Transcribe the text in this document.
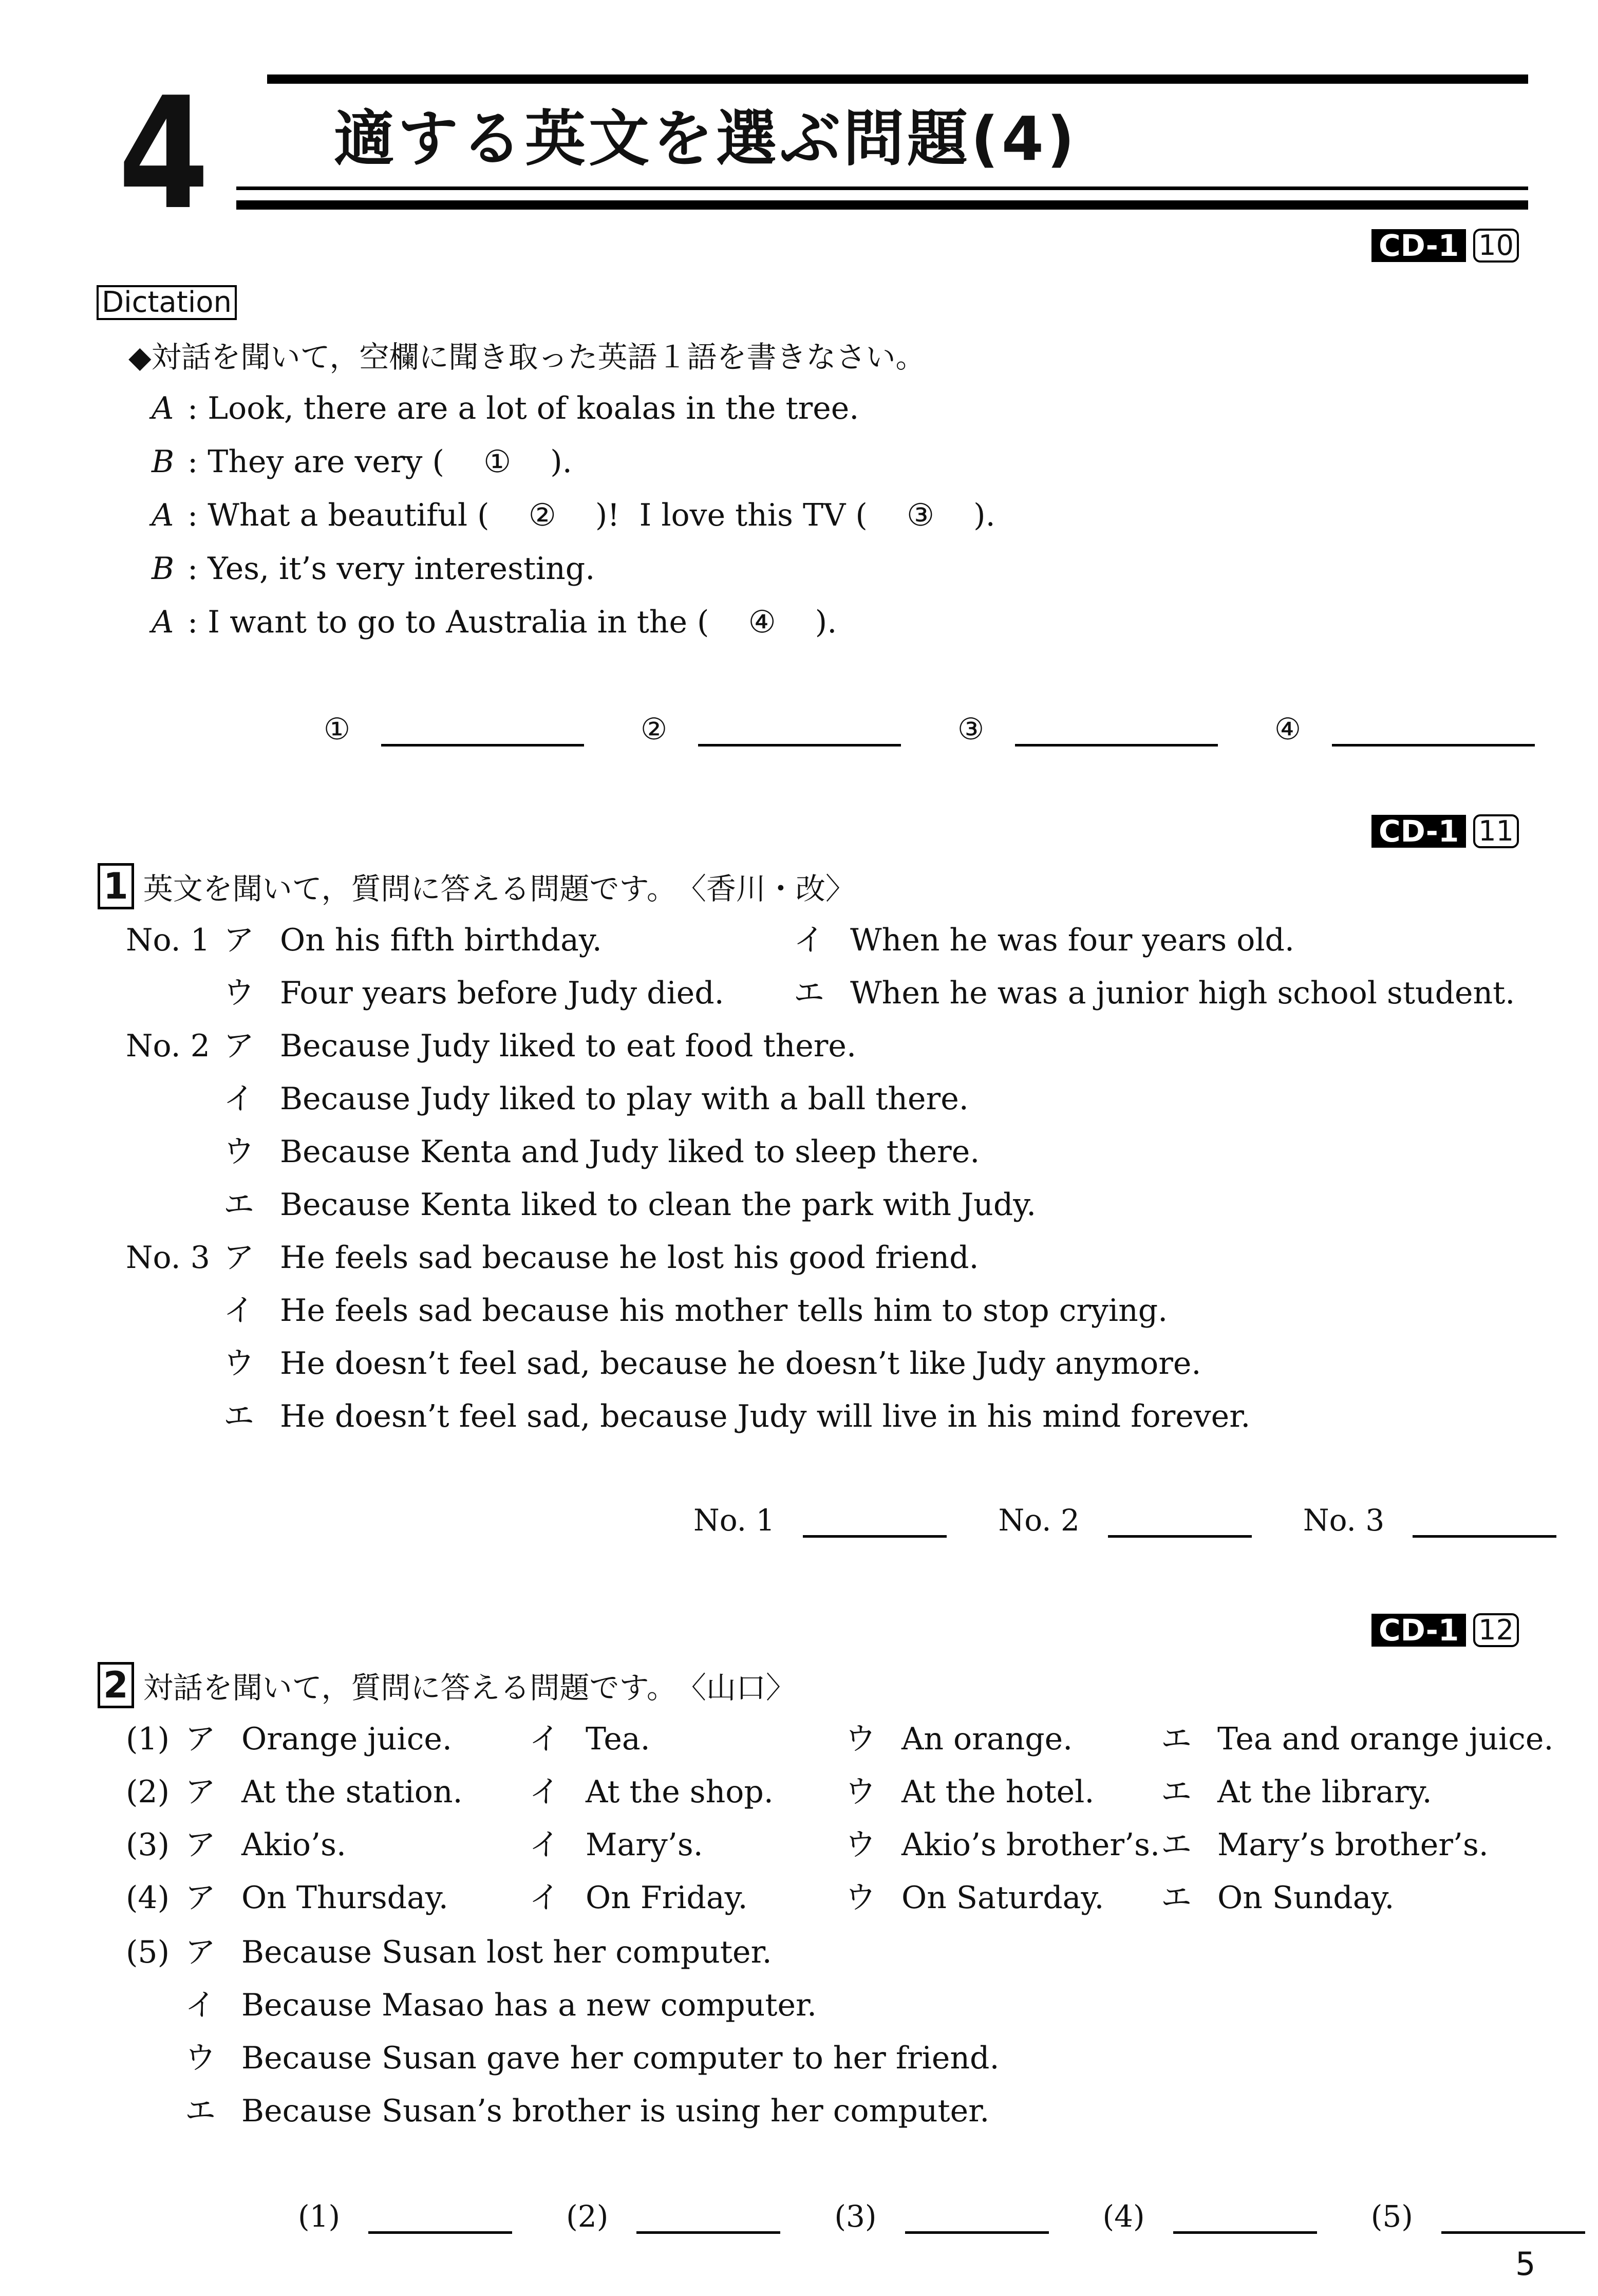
4 適する英文を選ぶ問題(4)
CD-1 10
Dictation
◆対話を聞いて，空欄に聞き取った英語１語を書きなさい。
A : Look, there are a lot of koalas in the tree.
B : They are very (    ①    ).
A : What a beautiful (    ②    )!  I love this TV (    ③    ).
B : Yes, it’s very interesting.
A : I want to go to Australia in the (    ④    ).
①	②	③	④
CD-1 11
1 英文を聞いて，質問に答える問題です。　〈香川・改〉
No. 1 ア On his fifth birthday.	イ When he was four years old.
ウ Four years before Judy died. エ When he was a junior high school student.
No. 2 ア Because Judy liked to eat food there.
イ Because Judy liked to play with a ball there.
ウ Because Kenta and Judy liked to sleep there.
エ Because Kenta liked to clean the park with Judy.
No. 3 ア He feels sad because he lost his good friend.
イ He feels sad because his mother tells him to stop crying.
ウ He doesn’t feel sad, because he doesn’t like Judy anymore.
エ He doesn’t feel sad, because Judy will live in his mind forever.
No. 1	No. 2	No. 3
CD-1 12
2 対話を聞いて，質問に答える問題です。　〈山口〉
(1) ア Orange juice.	イ Tea.	ウ An orange.	エ Tea and orange juice.
(2) ア At the station. イ At the shop. ウ At the hotel. エ At the library.
(3) ア Akio’s.	イ Mary’s.	ウ Akio’s brother’s. エ Mary’s brother’s.
(4) ア On Thursday.	イ On Friday.	ウ On Saturday. エ On Sunday.
(5) ア Because Susan lost her computer.
イ Because Masao has a new computer.
ウ Because Susan gave her computer to her friend.
エ Because Susan’s brother is using her computer.
(1)	(2)	(3)	(4)	(5)
5
